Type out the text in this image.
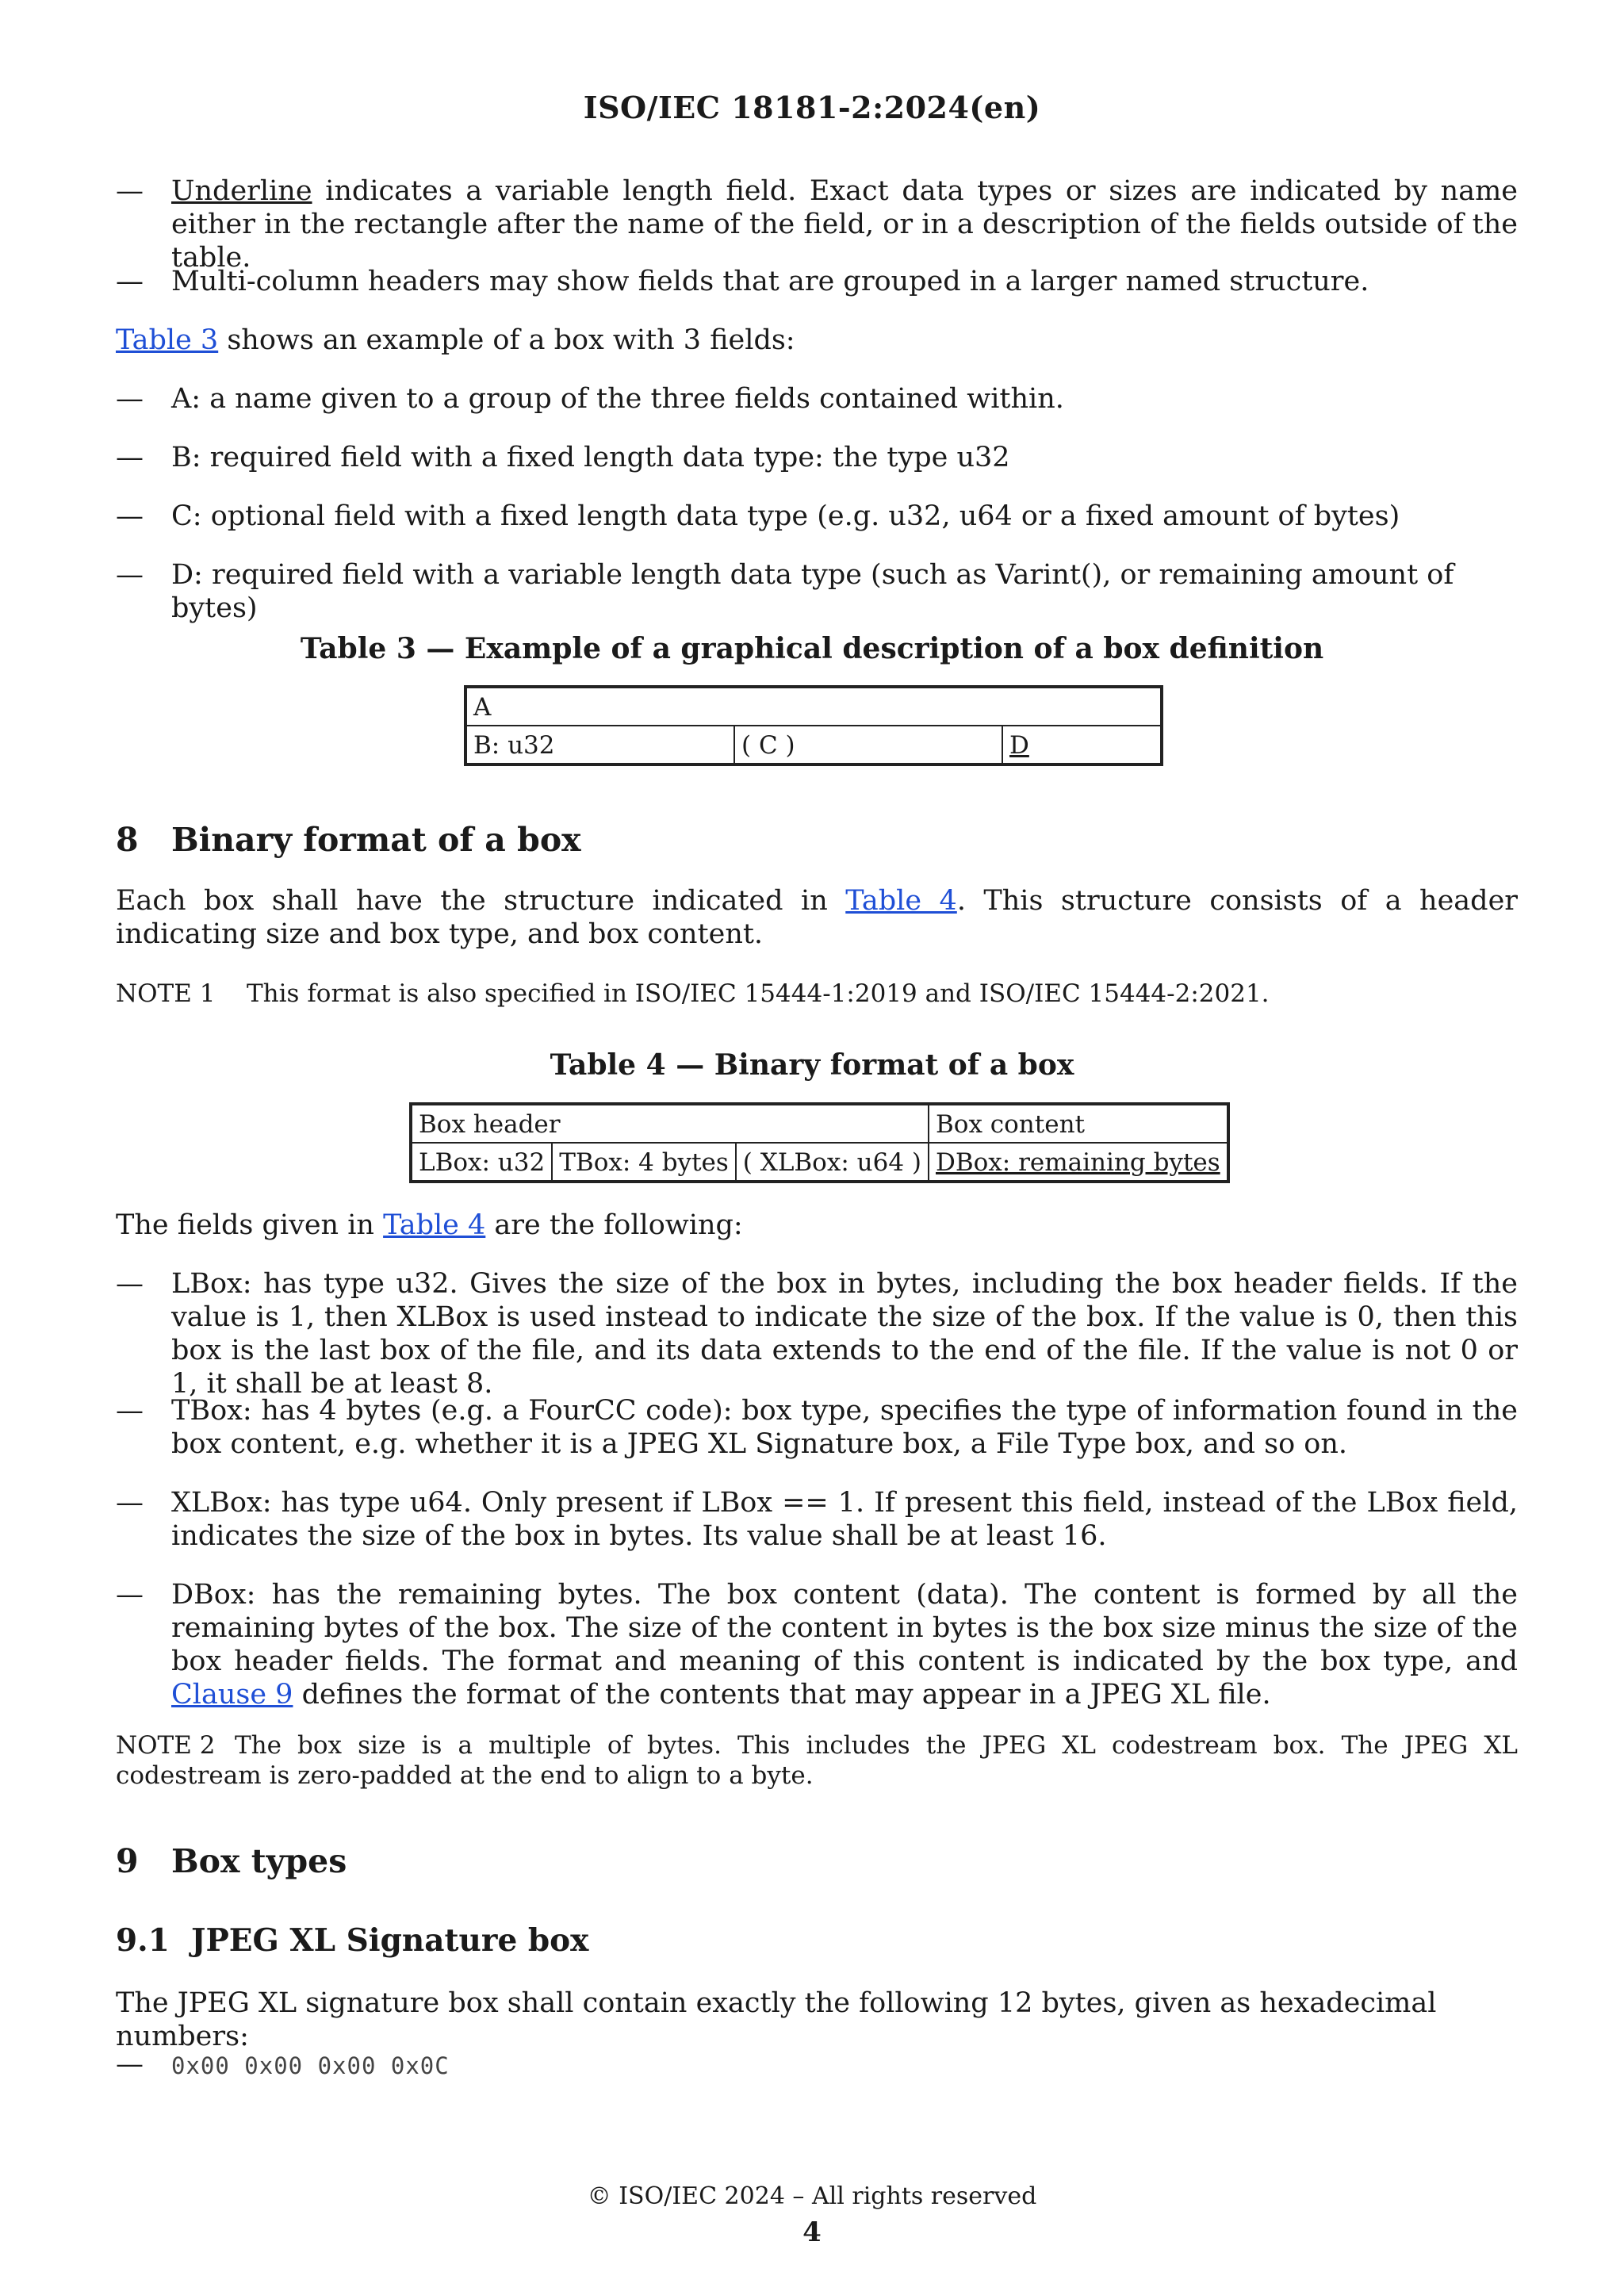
ISO/IEC 18181-2:2024(en)
— Underline indicates a variable length field. Exact data types or sizes are indicated by name either in the rectangle after the name of the field, or in a description of the fields outside of the table.
— Multi-column headers may show fields that are grouped in a larger named structure.
Table 3 shows an example of a box with 3 fields:
— A: a name given to a group of the three fields contained within.
— B: required field with a fixed length data type: the type u32
— C: optional field with a fixed length data type (e.g. u32, u64 or a fixed amount of bytes)
— D: required field with a variable length data type (such as Varint(), or remaining amount of bytes)
Table 3 — Example of a graphical description of a box definition
A
B: u32	( C )	D
8 Binary format of a box
Each box shall have the structure indicated in Table 4. This structure consists of a header indicating size and box type, and box content.
NOTE 1 This format is also specified in ISO/IEC 15444-1:2019 and ISO/IEC 15444-2:2021.
Table 4 — Binary format of a box
Box header			Box content
LBox: u32	TBox: 4 bytes	( XLBox: u64 )	DBox: remaining bytes
The fields given in Table 4 are the following:
— LBox: has type u32. Gives the size of the box in bytes, including the box header fields. If the value is 1, then XLBox is used instead to indicate the size of the box. If the value is 0, then this box is the last box of the file, and its data extends to the end of the file. If the value is not 0 or 1, it shall be at least 8.
— TBox: has 4 bytes (e.g. a FourCC code): box type, specifies the type of information found in the box content, e.g. whether it is a JPEG XL Signature box, a File Type box, and so on.
— XLBox: has type u64. Only present if LBox == 1. If present this field, instead of the LBox field, indicates the size of the box in bytes. Its value shall be at least 16.
— DBox: has the remaining bytes. The box content (data). The content is formed by all the remaining bytes of the box. The size of the content in bytes is the box size minus the size of the box header fields. The format and meaning of this content is indicated by the box type, and Clause 9 defines the format of the contents that may appear in a JPEG XL file.
NOTE 2 The box size is a multiple of bytes. This includes the JPEG XL codestream box. The JPEG XL codestream is zero-padded at the end to align to a byte.
9 Box types
9.1 JPEG XL Signature box
The JPEG XL signature box shall contain exactly the following 12 bytes, given as hexadecimal numbers:
— 0x00 0x00 0x00 0x0C
© ISO/IEC 2024 – All rights reserved
4
